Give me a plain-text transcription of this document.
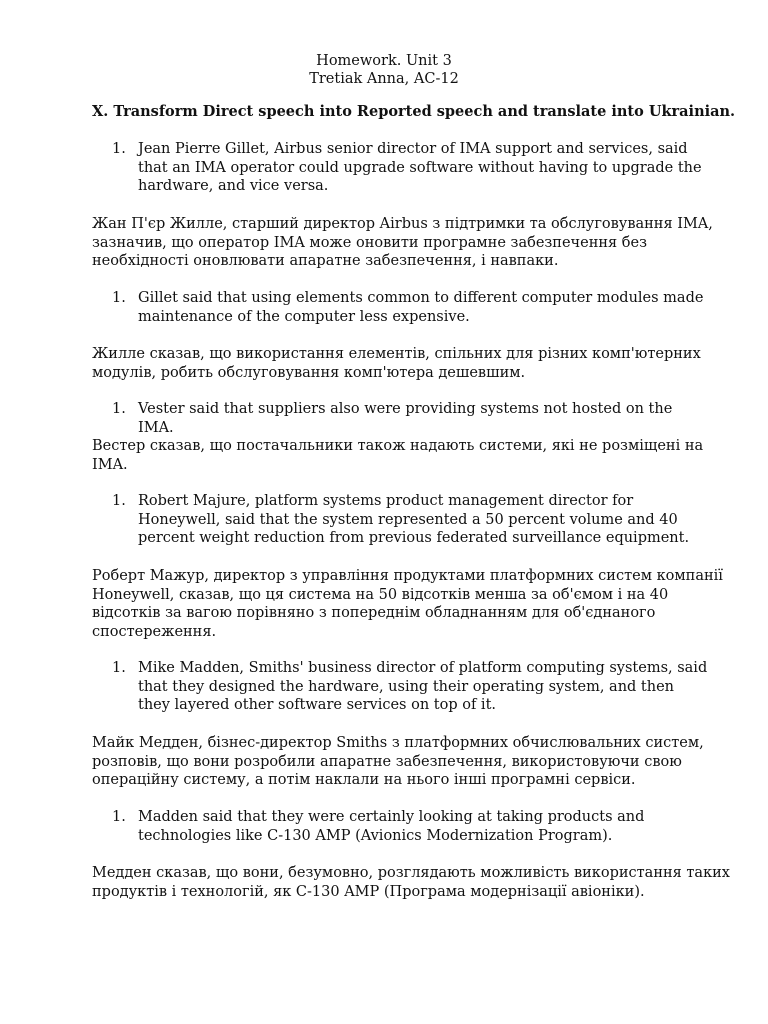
Homework. Unit 3
Tretiak Anna, AC-12
X. Transform Direct speech into Reported speech and translate into Ukrainian.
1. Jean Pierre Gillet, Airbus senior director of IMA support and services, said that an IMA operator could upgrade software without having to upgrade the hardware, and vice versa.
Жан П'єр Жилле, старший директор Airbus з підтримки та обслуговування IMA, зазначив, що оператор IMA може оновити програмне забезпечення без необхідності оновлювати апаратне забезпечення, і навпаки.
1. Gillet said that using elements common to different computer modules made maintenance of the computer less expensive.
Жилле сказав, що використання елементів, спільних для різних комп'ютерних модулів, робить обслуговування комп'ютера дешевшим.
1. Vester said that suppliers also were providing systems not hosted on the IMA.
Вестер сказав, що постачальники також надають системи, які не розміщені на IMA.
1. Robert Majure, platform systems product management director for Honeywell, said that the system represented a 50 percent volume and 40 percent weight reduction from previous federated surveillance equipment.
Роберт Мажур, директор з управління продуктами платформних систем компанії Honeywell, сказав, що ця система на 50 відсотків менша за об'ємом і на 40 відсотків за вагою порівняно з попереднім обладнанням для об'єднаного спостереження.
1. Mike Madden, Smiths' business director of platform computing systems, said that they designed the hardware, using their operating system, and then they layered other software services on top of it.
Майк Медден, бізнес-директор Smiths з платформних обчислювальних систем, розповів, що вони розробили апаратне забезпечення, використовуючи свою операційну систему, а потім наклали на нього інші програмні сервіси.
1. Madden said that they were certainly looking at taking products and technologies like C-130 AMP (Avionics Modernization Program).
Медден сказав, що вони, безумовно, розглядають можливість використання таких продуктів і технологій, як C-130 AMP (Програма модернізації авіоніки).
